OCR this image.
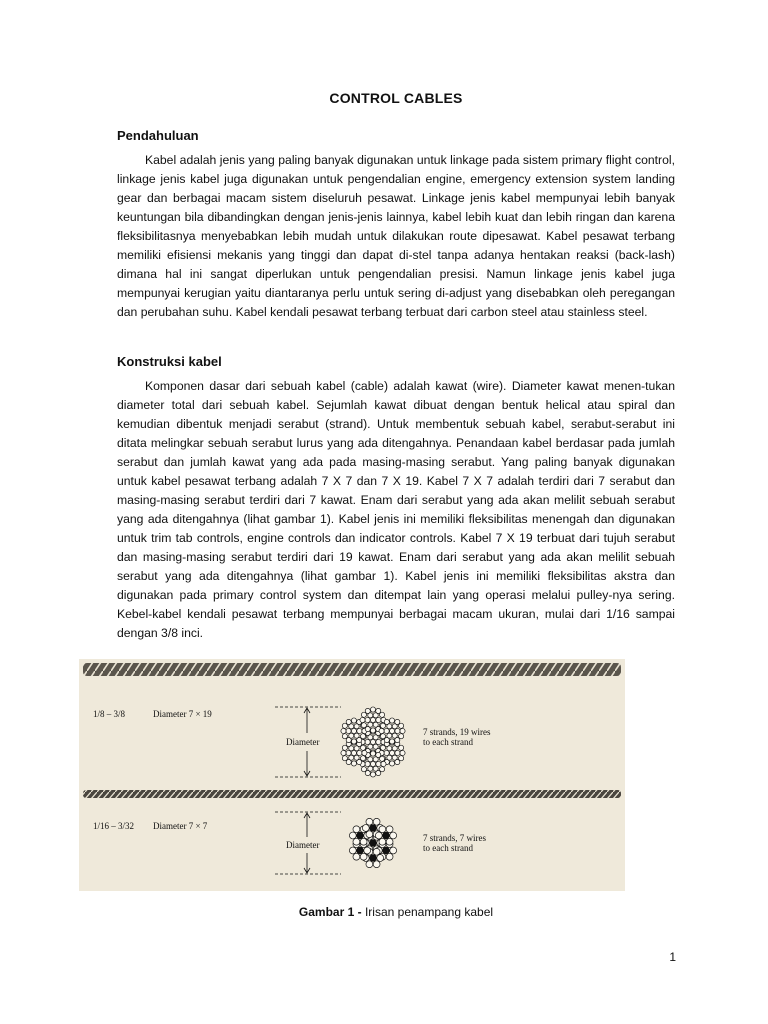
CONTROL CABLES
Pendahuluan
Kabel adalah jenis yang paling banyak digunakan untuk linkage pada sistem primary flight control, linkage jenis kabel juga digunakan untuk pengendalian engine, emergency extension system landing gear dan berbagai macam sistem diseluruh pesawat. Linkage jenis kabel mempunyai lebih banyak keuntungan bila dibandingkan dengan jenis-jenis lainnya, kabel lebih kuat dan lebih ringan dan karena fleksibilitasnya menyebabkan lebih mudah untuk dilakukan route dipesawat. Kabel pesawat terbang memiliki efisiensi mekanis yang tinggi dan dapat di-stel tanpa adanya hentakan reaksi (back-lash) dimana hal ini sangat diperlukan untuk pengendalian presisi. Namun linkage jenis kabel juga mempunyai kerugian yaitu diantaranya perlu untuk sering di-adjust yang disebabkan oleh peregangan dan perubahan suhu. Kabel kendali pesawat terbang terbuat dari carbon steel atau stainless steel.
Konstruksi kabel
Komponen dasar dari sebuah kabel (cable) adalah kawat (wire). Diameter kawat menen-tukan diameter total dari sebuah kabel. Sejumlah kawat dibuat dengan bentuk helical atau spiral dan kemudian dibentuk menjadi serabut (strand). Untuk membentuk sebuah kabel, serabut-serabut ini ditata melingkar sebuah serabut lurus yang ada ditengahnya. Penandaan kabel berdasar pada jumlah serabut dan jumlah kawat yang ada pada masing-masing serabut. Yang paling banyak digunakan untuk kabel pesawat terbang adalah 7 X 7 dan 7 X 19. Kabel 7 X 7 adalah terdiri dari 7 serabut dan masing-masing serabut terdiri dari 7 kawat. Enam dari serabut yang ada akan melilit sebuah serabut yang ada ditengahnya (lihat gambar 1). Kabel jenis ini memiliki fleksibilitas menengah dan digunakan untuk trim tab controls, engine controls dan indicator controls. Kabel 7 X 19 terbuat dari tujuh serabut dan masing-masing serabut terdiri dari 19 kawat. Enam dari serabut yang ada akan melilit sebuah serabut yang ada ditengahnya (lihat gambar 1). Kabel jenis ini memiliki fleksibilitas akstra dan digunakan pada primary control system dan ditempat lain yang operasi melalui pulley-nya sering. Kebel-kabel kendali pesawat terbang mempunyai berbagai macam ukuran, mulai dari 1/16 sampai dengan 3/8 inci.
1/8 – 3/8	Diameter 7 × 19
Diameter
7 strands, 19 wires
to each strand
1/16 – 3/32 Diameter 7 × 7
Diameter
7 strands, 7 wires
to each strand
Gambar 1 - Irisan penampang kabel
1
